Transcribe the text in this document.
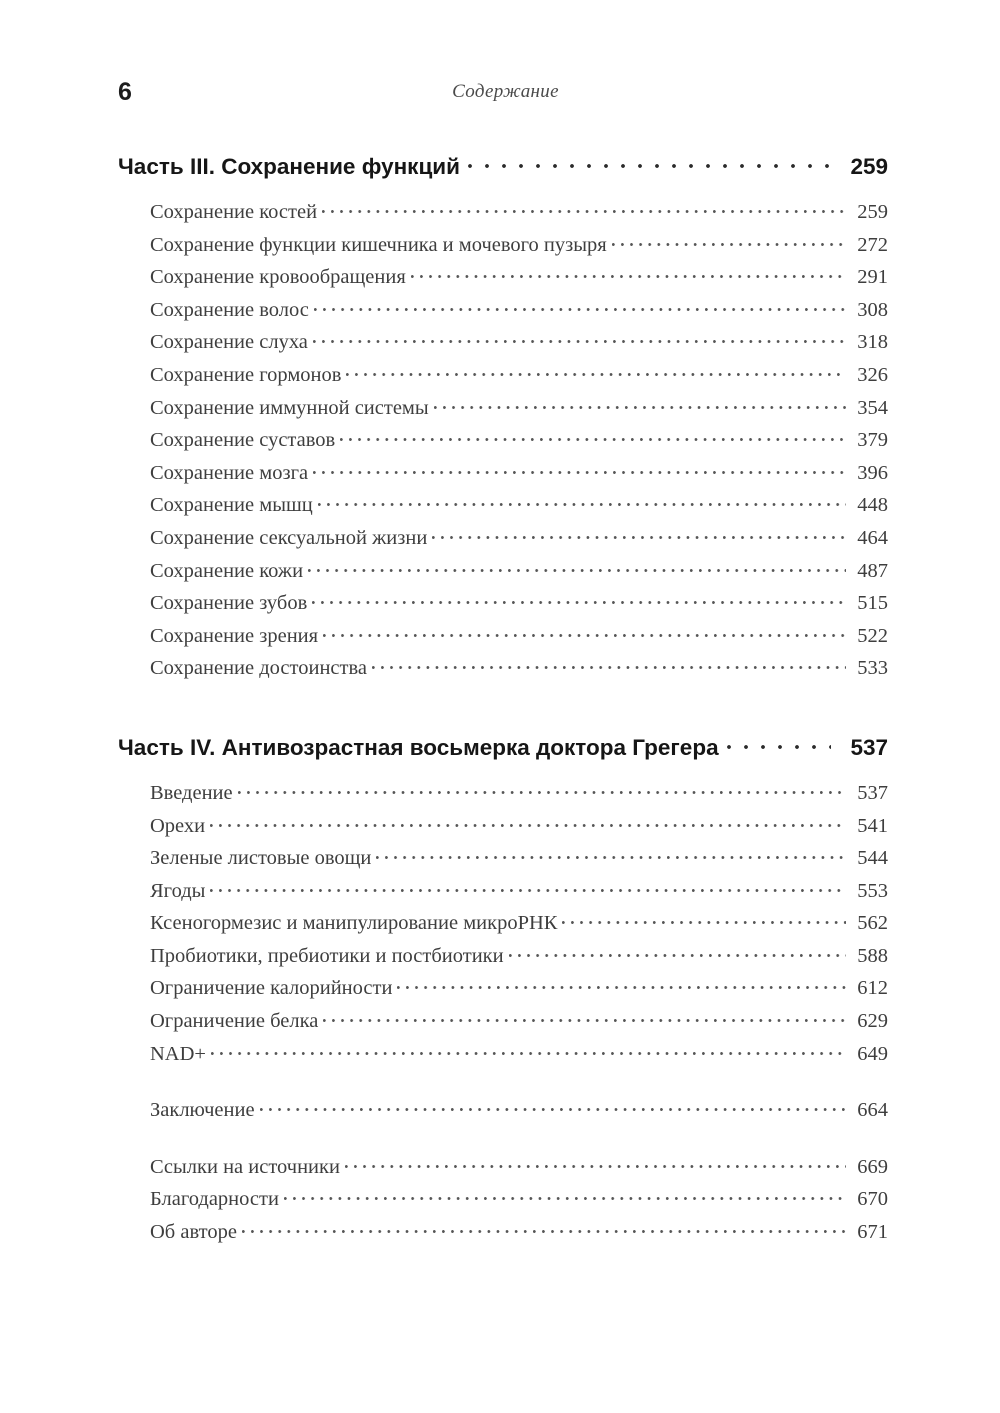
6	Содержание
Часть III. Сохранение функций	259
Сохранение костей	259
Сохранение функции кишечника и мочевого пузыря	272
Сохранение кровообращения	291
Сохранение волос	308
Сохранение слуха	318
Сохранение гормонов	326
Сохранение иммунной системы	354
Сохранение суставов	379
Сохранение мозга	396
Сохранение мышц	448
Сохранение сексуальной жизни	464
Сохранение кожи	487
Сохранение зубов	515
Сохранение зрения	522
Сохранение достоинства	533
Часть IV. Антивозрастная восьмерка доктора Грегера	537
Введение	537
Орехи	541
Зеленые листовые овощи	544
Ягоды	553
Ксеногормезис и манипулирование микроРНК	562
Пробиотики, пребиотики и постбиотики	588
Ограничение калорийности	612
Ограничение белка	629
NAD+	649
Заключение	664
Ссылки на источники	669
Благодарности	670
Об авторе	671
